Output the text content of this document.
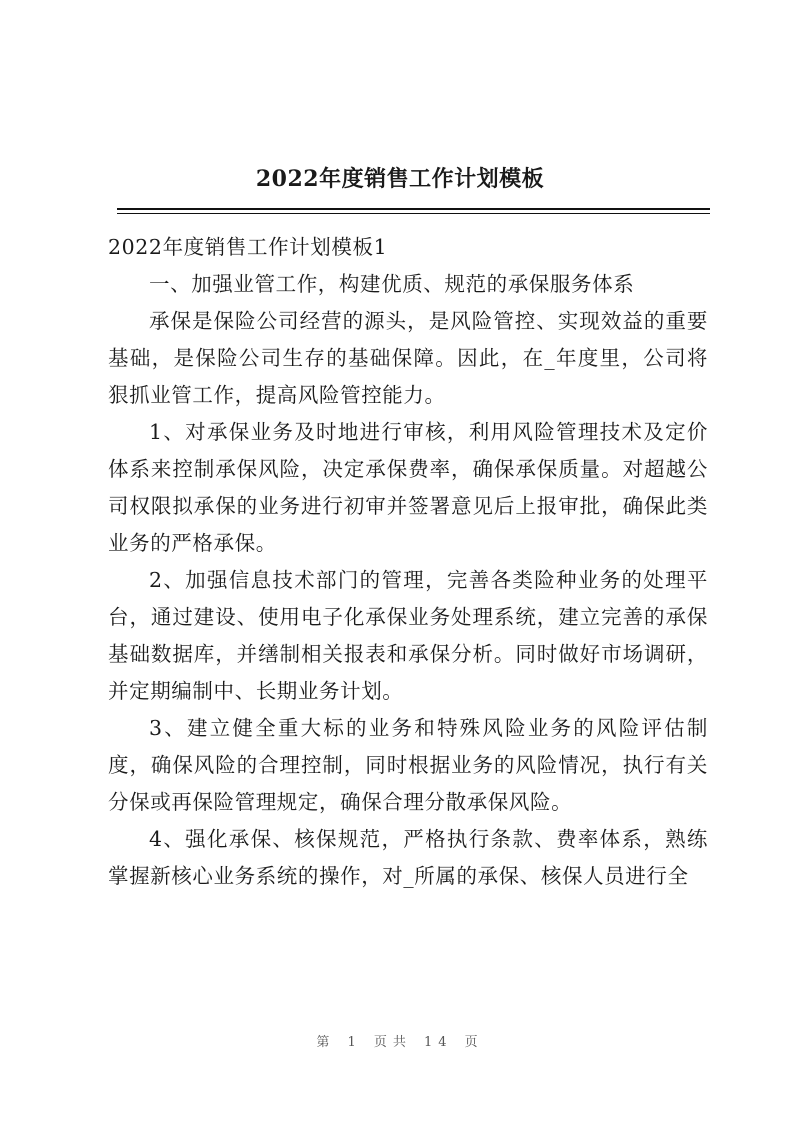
2022年度销售工作计划模板

2022年度销售工作计划模板1

一、加强业管工作，构建优质、规范的承保服务体系

承保是保险公司经营的源头，是风险管控、实现效益的重要基础，是保险公司生存的基础保障。因此，在_年度里，公司将狠抓业管工作，提高风险管控能力。

1、对承保业务及时地进行审核，利用风险管理技术及定价体系来控制承保风险，决定承保费率，确保承保质量。对超越公司权限拟承保的业务进行初审并签署意见后上报审批，确保此类业务的严格承保。

2、加强信息技术部门的管理，完善各类险种业务的处理平台，通过建设、使用电子化承保业务处理系统，建立完善的承保基础数据库，并缮制相关报表和承保分析。同时做好市场调研，并定期编制中、长期业务计划。

3、建立健全重大标的业务和特殊风险业务的风险评估制度，确保风险的合理控制，同时根据业务的风险情况，执行有关分保或再保险管理规定，确保合理分散承保风险。

4、强化承保、核保规范，严格执行条款、费率体系，熟练掌握新核心业务系统的操作，对_所属的承保、核保人员进行全

第 1 页共 14 页
